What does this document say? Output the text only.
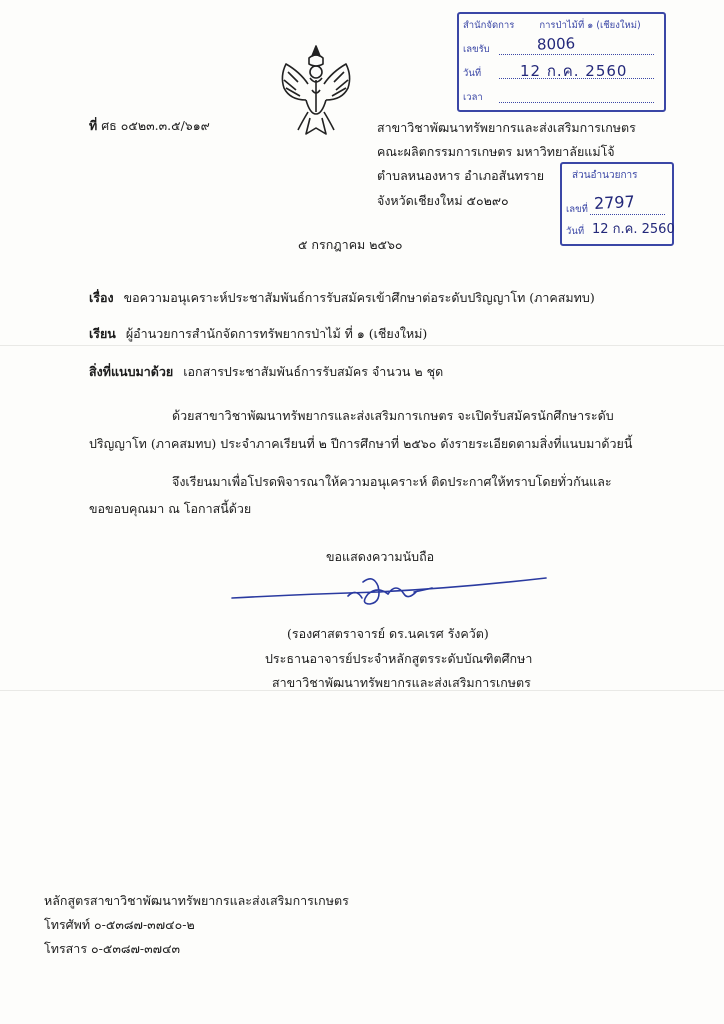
สำนักจัดการ	การป่าไม้ที่ ๑ (เชียงใหม่)
เลขรับ
วันที่
เวลา
8006
12 ก.ค. 2560
ส่วนอำนวยการ
เลขที่
วันที่
2797
12 ก.ค. 2560
ที่ ศธ ๐๕๒๓.๓.๕/๖๑๙	สาขาวิชาพัฒนาทรัพยากรและส่งเสริมการเกษตร
คณะผลิตกรรมการเกษตร มหาวิทยาลัยแม่โจ้
ตำบลหนองหาร อำเภอสันทราย
จังหวัดเชียงใหม่ ๕๐๒๙๐
๕ กรกฎาคม ๒๕๖๐
เรื่อง ขอความอนุเคราะห์ประชาสัมพันธ์การรับสมัครเข้าศึกษาต่อระดับปริญญาโท (ภาคสมทบ)
เรียน ผู้อำนวยการสำนักจัดการทรัพยากรป่าไม้ ที่ ๑ (เชียงใหม่)
สิ่งที่แนบมาด้วย เอกสารประชาสัมพันธ์การรับสมัคร จำนวน ๒ ชุด
ด้วยสาขาวิชาพัฒนาทรัพยากรและส่งเสริมการเกษตร จะเปิดรับสมัครนักศึกษาระดับ
ปริญญาโท (ภาคสมทบ) ประจำภาคเรียนที่ ๒ ปีการศึกษาที่ ๒๕๖๐ ดังรายระเอียดตามสิ่งที่แนบมาด้วยนี้
จึงเรียนมาเพื่อโปรดพิจารณาให้ความอนุเคราะห์ ติดประกาศให้ทราบโดยทั่วกันและ
ขอขอบคุณมา ณ โอกาสนี้ด้วย
ขอแสดงความนับถือ
(รองศาสตราจารย์ ดร.นคเรศ รังควัต)
ประธานอาจารย์ประจำหลักสูตรระดับบัณฑิตศึกษา
สาขาวิชาพัฒนาทรัพยากรและส่งเสริมการเกษตร
หลักสูตรสาขาวิชาพัฒนาทรัพยากรและส่งเสริมการเกษตร
โทรศัพท์ ๐-๕๓๘๗-๓๗๔๐-๒
โทรสาร ๐-๕๓๘๗-๓๗๔๓
